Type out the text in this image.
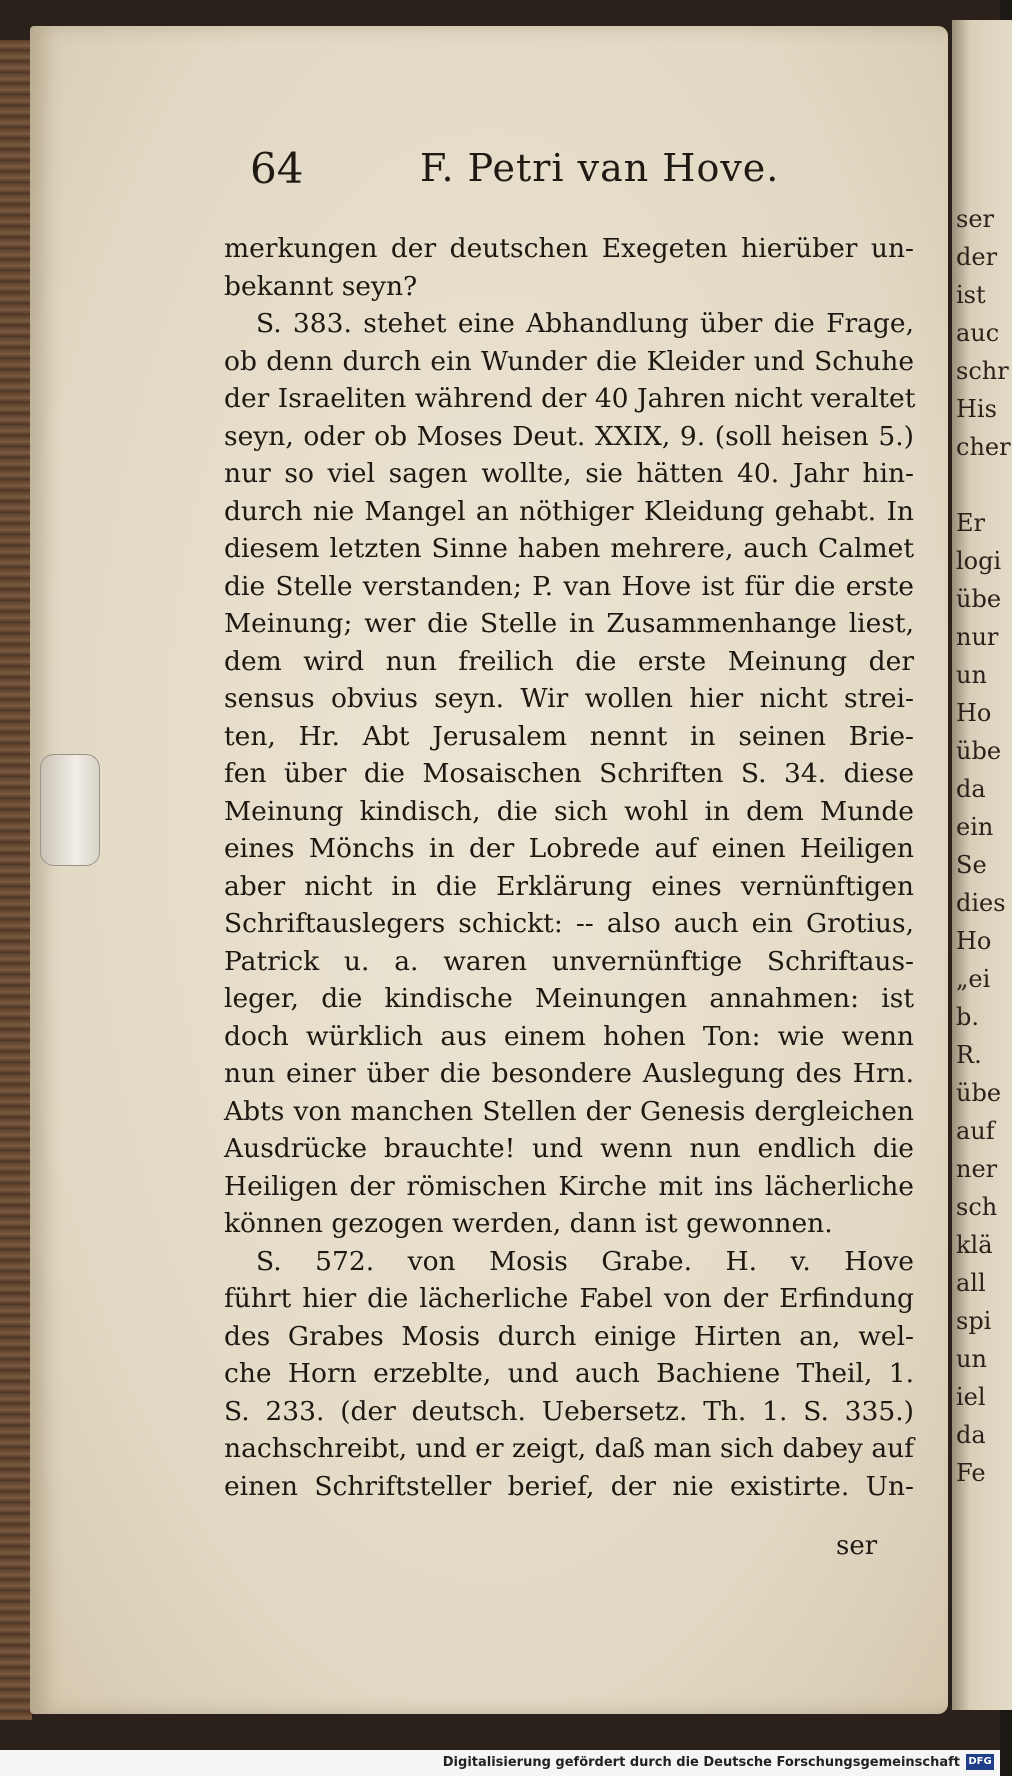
64	F. Petri van Hove.
merkungen der deutschen Exegeten hierüber un-
bekannt seyn?
S. 383. stehet eine Abhandlung über die Frage,
ob denn durch ein Wunder die Kleider und Schuhe
der Israeliten während der 40 Jahren nicht veraltet
seyn, oder ob Moses Deut. XXIX, 9. (soll heisen 5.)
nur so viel sagen wollte, sie hätten 40. Jahr hin-
durch nie Mangel an nöthiger Kleidung gehabt. In
diesem letzten Sinne haben mehrere, auch Calmet
die Stelle verstanden; P. van Hove ist für die erste
Meinung; wer die Stelle in Zusammenhange liest,
dem wird nun freilich die erste Meinung der
sensus obvius seyn. Wir wollen hier nicht strei-
ten, Hr. Abt Jerusalem nennt in seinen Brie-
fen über die Mosaischen Schriften S. 34. diese
Meinung kindisch, die sich wohl in dem Munde
eines Mönchs in der Lobrede auf einen Heiligen
aber nicht in die Erklärung eines vernünftigen
Schriftauslegers schickt: -- also auch ein Grotius,
Patrick u. a. waren unvernünftige Schriftaus-
leger, die kindische Meinungen annahmen: ist
doch würklich aus einem hohen Ton: wie wenn
nun einer über die besondere Auslegung des Hrn.
Abts von manchen Stellen der Genesis dergleichen
Ausdrücke brauchte! und wenn nun endlich die
Heiligen der römischen Kirche mit ins lächerliche
können gezogen werden, dann ist gewonnen.
S. 572. von Mosis Grabe. H. v. Hove
führt hier die lächerliche Fabel von der Erfindung
des Grabes Mosis durch einige Hirten an, wel-
che Horn erzeblte, und auch Bachiene Theil, 1.
S. 233. (der deutsch. Uebersetz. Th. 1. S. 335.)
nachschreibt, und er zeigt, daß man sich dabey auf
einen Schriftsteller berief, der nie existirte. Un-
ser
ser
der
ist
auc
schr
His
cher
Er
logi
übe
nur
un
Ho
übe
da
ein
Se
dies
Ho
„ei
b.
R.
übe
auf
ner
sch
klä
all
spi
un
iel
da
Fe
Digitalisierung gefördert durch die Deutsche Forschungsgemeinschaft DFG
